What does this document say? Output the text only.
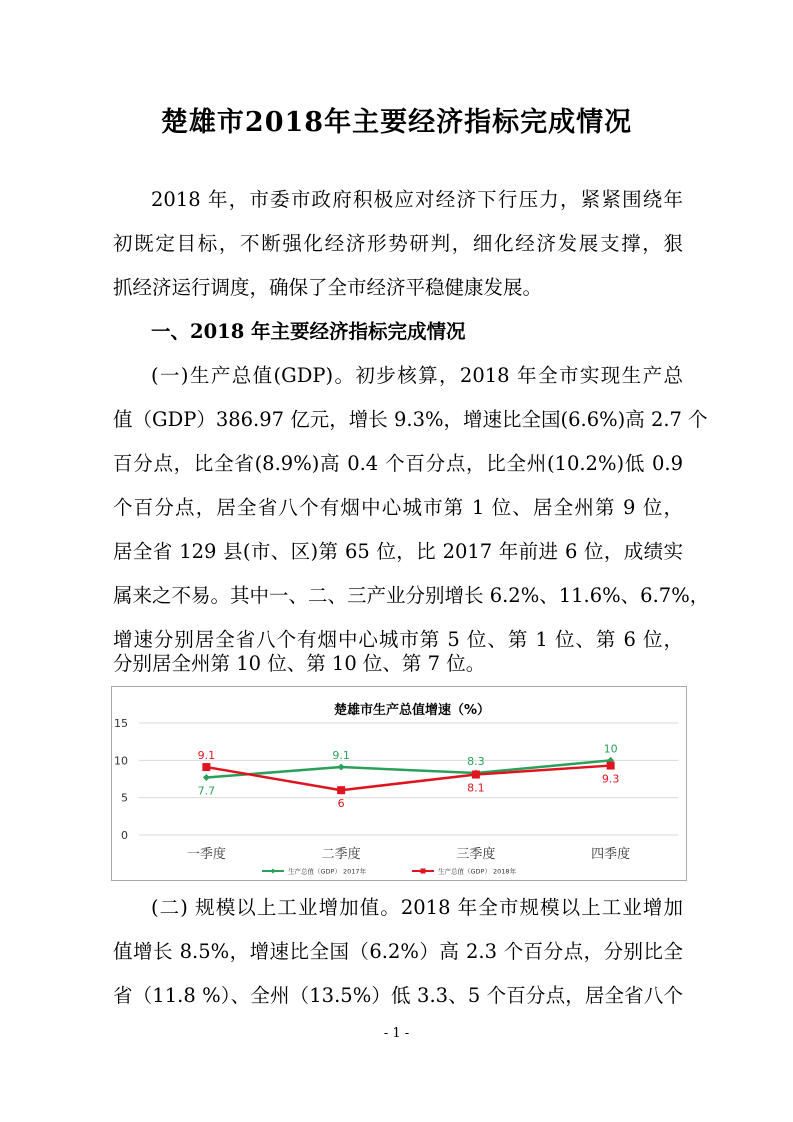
楚雄市2018年主要经济指标完成情况

2018 年，市委市政府积极应对经济下行压力，紧紧围绕年

初既定目标，不断强化经济形势研判，细化经济发展支撑，狠

抓经济运行调度，确保了全市经济平稳健康发展。

一、2018 年主要经济指标完成情况

(一)生产总值(GDP)。初步核算，2018 年全市实现生产总

值（GDP）386.97 亿元，增长 9.3%，增速比全国(6.6%)高 2.7 个

百分点，比全省(8.9%)高 0.4 个百分点，比全州(10.2%)低 0.9

个百分点，居全省八个有烟中心城市第 1 位、居全州第 9 位，

居全省 129 县(市、区)第 65 位，比 2017 年前进 6 位，成绩实

属来之不易。其中一、二、三产业分别增长 6.2%、11.6%、6.7%，

增速分别居全省八个有烟中心城市第 5 位、第 1 位、第 6 位，

分别居全州第 10 位、第 10 位、第 7 位。

楚雄市生产总值增速（%）
0
5
10
15
一季度	二季度	三季度	四季度
7.7
9.1	8.3
10
9.1
6
8.1
9.3
生产总值（GDP） 2017年	生产总值（GDP） 2018年

(二) 规模以上工业增加值。2018 年全市规模以上工业增加

值增长 8.5%，增速比全国（6.2%）高 2.3 个百分点，分别比全

省（11.8 %）、全州（13.5%）低 3.3、5 个百分点，居全省八个

- 1 -
